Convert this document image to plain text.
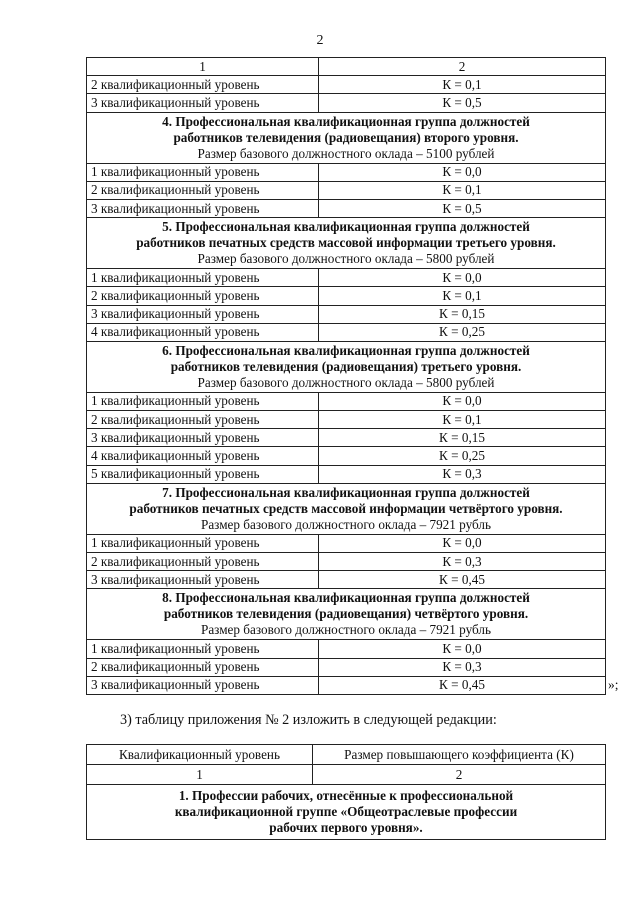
2
1	2
2 квалификационный уровень	К = 0,1
3 квалификационный уровень	К = 0,5

4. Профессиональная квалификационная группа должностей
работников телевидения (радиовещания) второго уровня.
Размер базового должностного оклада – 5100 рублей	

1 квалификационный уровень	К = 0,0
2 квалификационный уровень	К = 0,1
3 квалификационный уровень	К = 0,5

5. Профессиональная квалификационная группа должностей
работников печатных средств массовой информации третьего уровня.
Размер базового должностного оклада – 5800 рублей	

1 квалификационный уровень	К = 0,0
2 квалификационный уровень	К = 0,1
3 квалификационный уровень	К = 0,15
4 квалификационный уровень	К = 0,25

6. Профессиональная квалификационная группа должностей
работников телевидения (радиовещания) третьего уровня.
Размер базового должностного оклада – 5800 рублей	

1 квалификационный уровень	К = 0,0
2 квалификационный уровень	К = 0,1
3 квалификационный уровень	К = 0,15
4 квалификационный уровень	К = 0,25
5 квалификационный уровень	К = 0,3

7. Профессиональная квалификационная группа должностей
работников печатных средств массовой информации четвёртого уровня.
Размер базового должностного оклада – 7921 рубль	

1 квалификационный уровень	К = 0,0
2 квалификационный уровень	К = 0,3
3 квалификационный уровень	К = 0,45

8. Профессиональная квалификационная группа должностей
работников телевидения (радиовещания) четвёртого уровня.
Размер базового должностного оклада – 7921 рубль	

1 квалификационный уровень	К = 0,0
2 квалификационный уровень	К = 0,3
3 квалификационный уровень	К = 0,45	»;
3) таблицу приложения № 2 изложить в следующей редакции:
Квалификационный уровень	Размер повышающего коэффициента (К)
1	2

1. Профессии рабочих, отнесённые к профессиональной
квалификационной группе «Общеотраслевые профессии
рабочих первого уровня».	
